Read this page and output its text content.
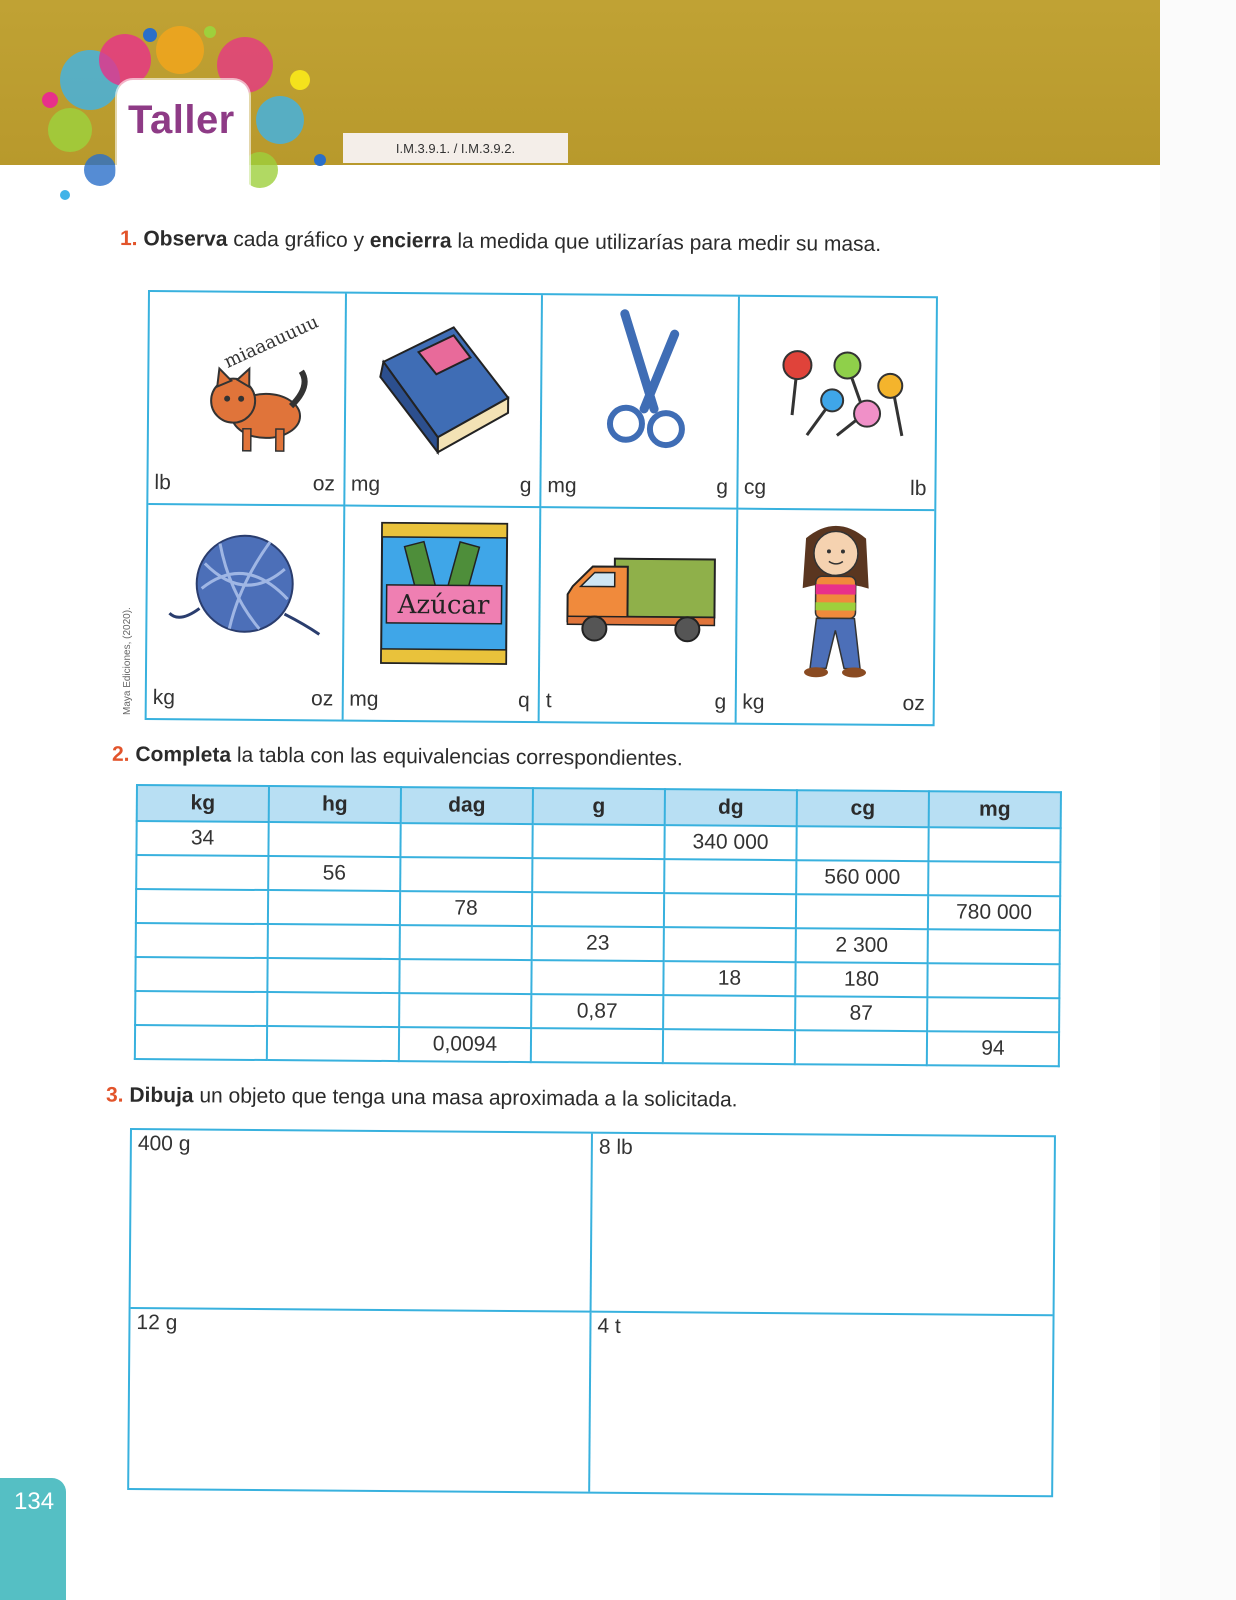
Taller
I.M.3.9.1. / I.M.3.9.2.
Maya Ediciones, (2020).
1. Observa cada gráfico y encierra la medida que utilizarías para medir su masa.
miaaauuuu
lb	oz mg	g mg	g cg	lb
kg	oz
Azúcar
mg	q t	g kg	oz
2. Completa la tabla con las equivalencias correspondientes.
kg	hg	dag	g	dg	cg	mg
34				340 000		
	56				560 000	
		78				780 000
			23		2 300	
				18	180	
			0,87		87	
		0,0094				94
3. Dibuja un objeto que tenga una masa aproximada a la solicitada.
400 g	8 lb
12 g	4 t
134
